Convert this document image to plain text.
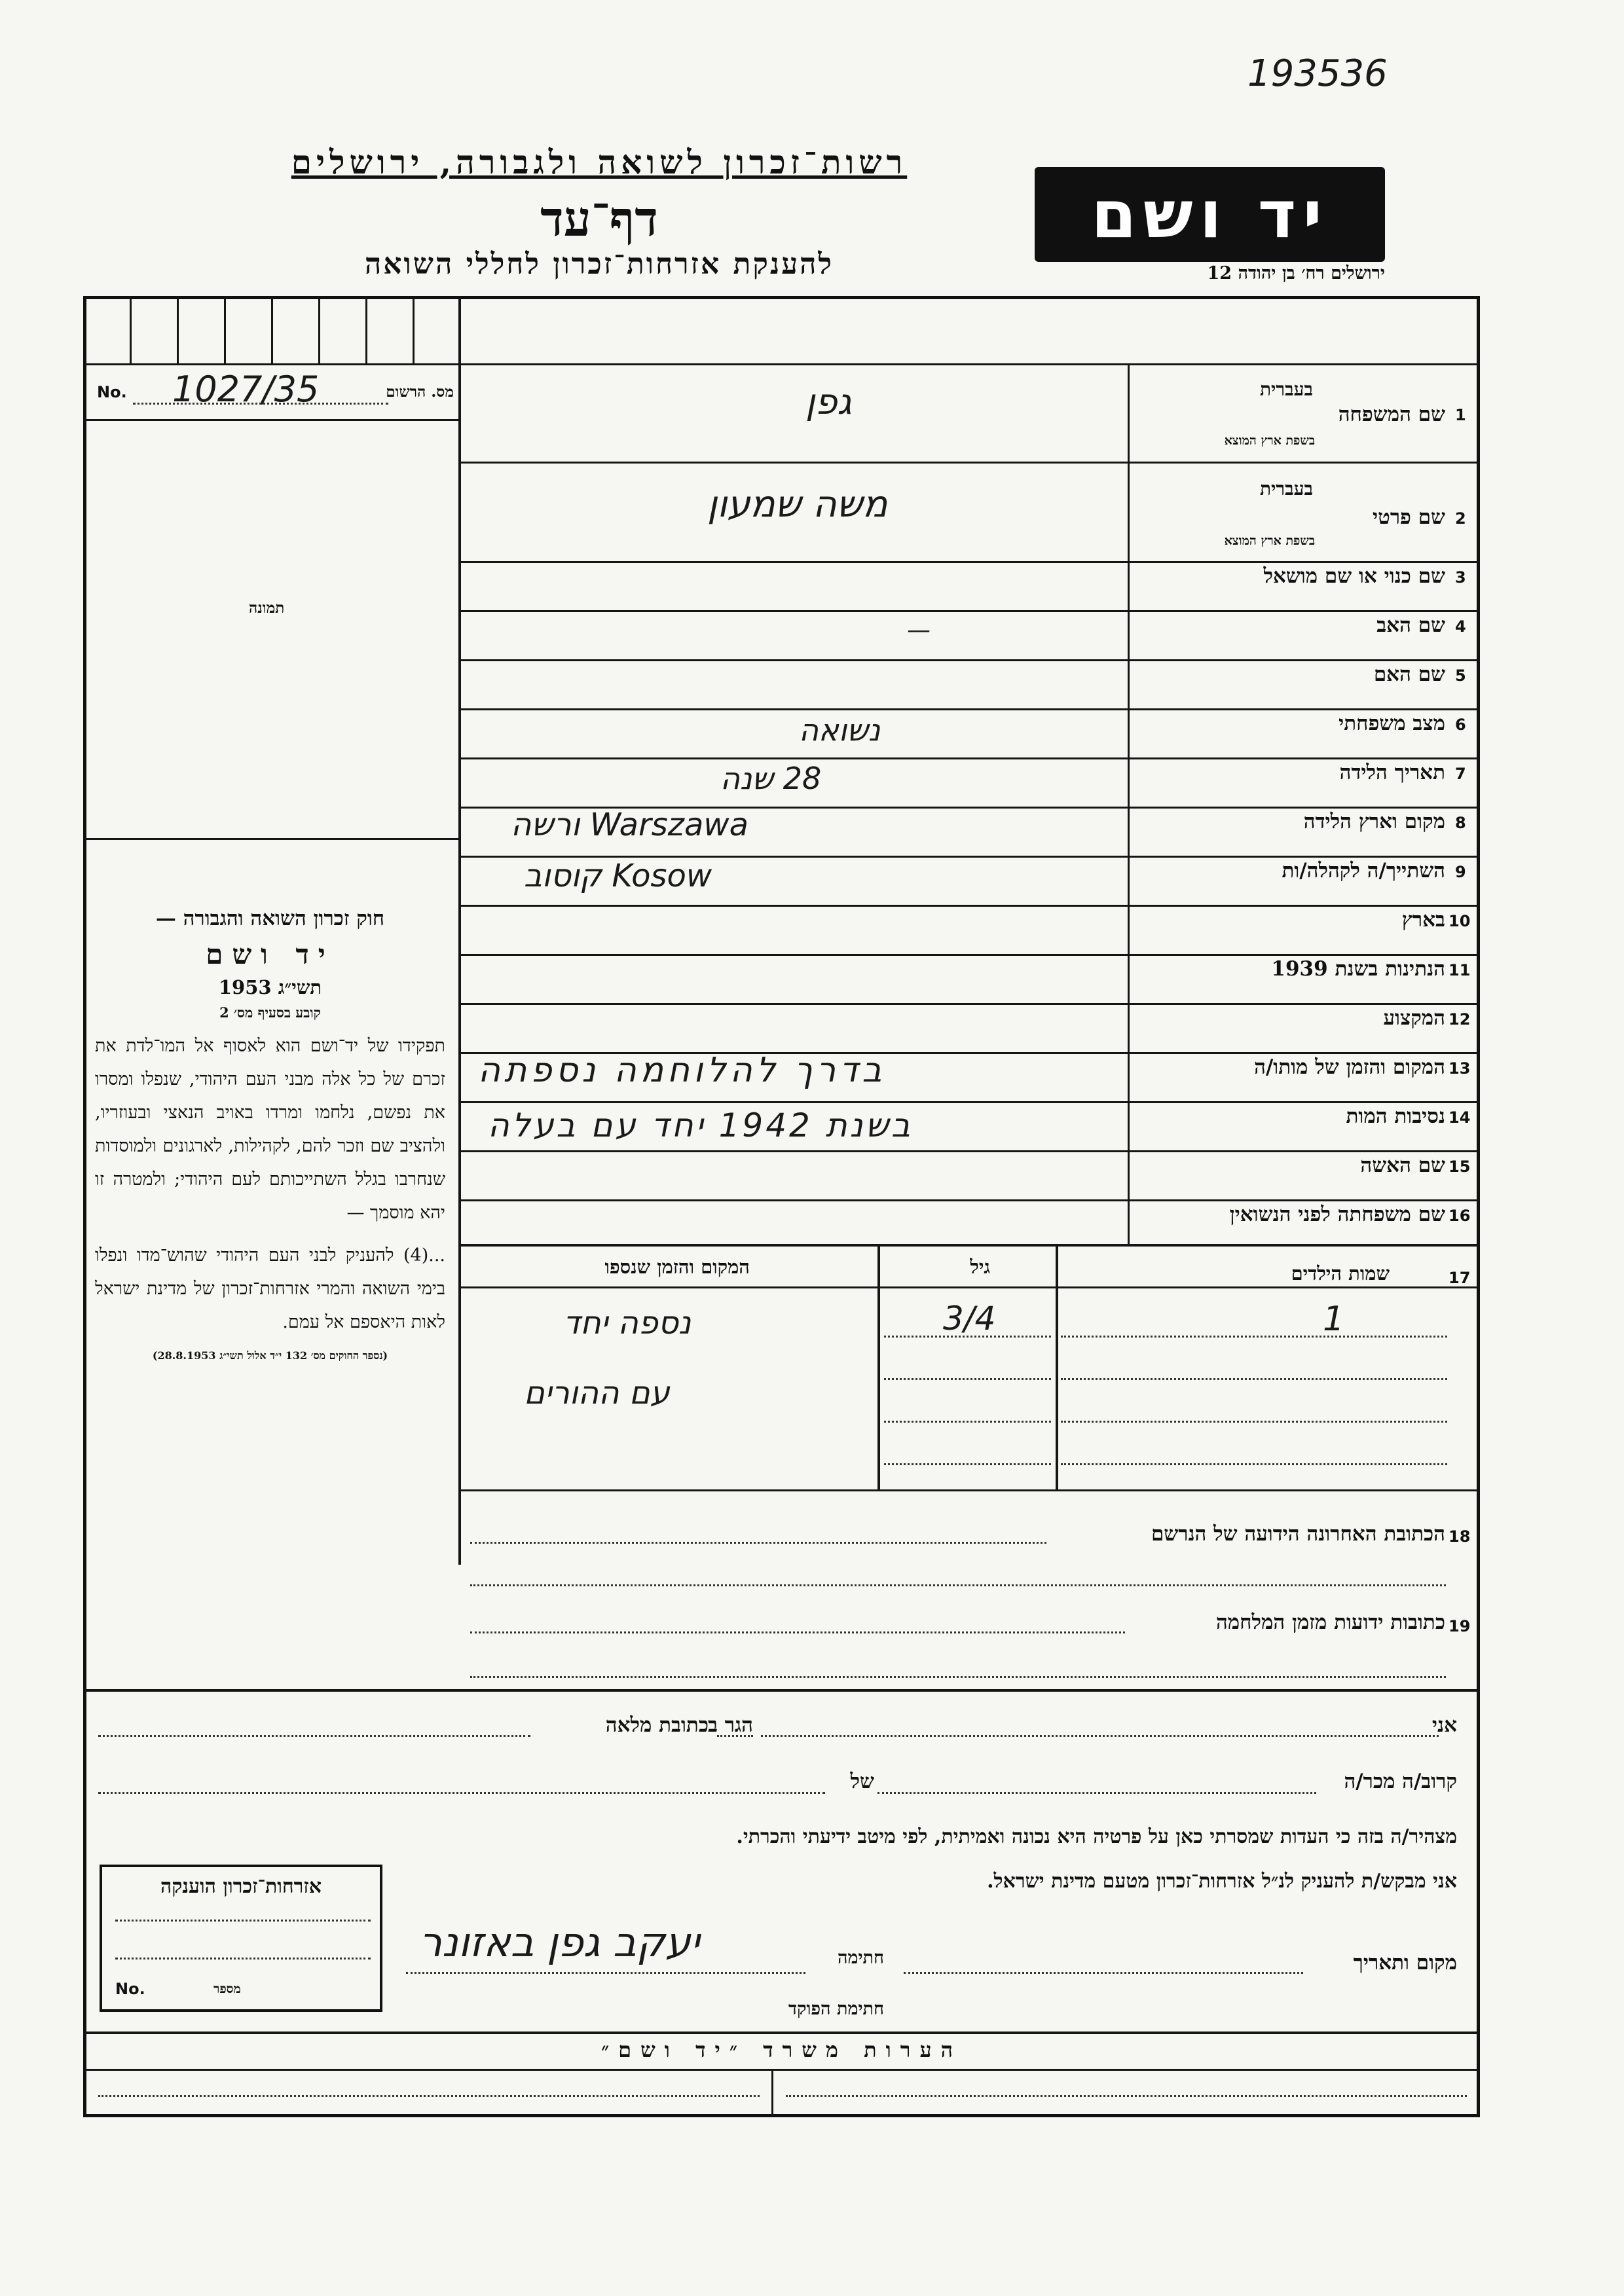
193536
רשות־זכרון לשואה ולגבורה, ירושלים
דף־עד
להענקת אזרחות־זכרון לחללי השואה
יד ושם
ירושלים רח׳ בן יהודה 12
No. 1027/35	מס. הרשום
תמונה
1
שם המשפחה
בעברית
בשפת ארץ המוצא
2
שם פרטי
בעברית
בשפת ארץ המוצא
3
שם כנוי או שם מושאל
4
שם האב
5
שם האם
6
מצב משפחתי
7
תאריך הלידה
8
מקום וארץ הלידה
9
השתייך/ה לקהלה/ות
10
בארץ
11
הנתינות בשנת 1939
12
המקצוע
13
המקום והזמן של מותו/ה
14
נסיבות המות
15
שם האשה
16
שם משפחתה לפני הנשואין
גפן
משה שמעון
—
נשואה
28 שנה
ורשה Warszawa
קוסוב Kosow
בדרך להלוחמה נספתה
בשנת 1942 יחד עם בעלה
17
שמות הילדים
גיל
המקום והזמן שנספו
1
3/4
נספה יחד
עם ההורים
18
הכתובת האחרונה הידועה של הנרשם
19
כתובות ידועות מזמן המלחמה
חוק זכרון השואה והגבורה —
יד ושם
תשי״ג 1953
קובע בסעיף מס׳ 2
תפקידו של יד־ושם הוא לאסוף אל המו־לדת את זכרם של כל אלה מבני העם היהודי, שנפלו ומסרו את נפשם, נלחמו ומרדו באויב הנאצי ובעוזריו, ולהציב שם וזכר להם, לקהילות, לארגונים ולמוסדות שנחרבו בגלל השתייכותם לעם היהודי; ולמטרה זו יהא מוסמך —
...(4) להעניק לבני העם היהודי שהוש־מדו ונפלו בימי השואה והמרי אזרחות־זכרון של מדינת ישראל לאות היאספם אל עמם.
(נספר החוקים מס׳ 132 י״ד אלול תשי״ג 28.8.1953)
אני
הגר ב
כתובת מלאה
קרוב/ה מכר/ה
של
מצהיר/ה בזה כי העדות שמסרתי כאן על פרטיה היא נכונה ואמיתית, לפי מיטב ידיעתי והכרתי.
אני מבקש/ת להעניק לנ״ל אזרחות־זכרון מטעם מדינת ישראל.
מקום ותאריך
חתימה
יעקב גפן באזונר
חתימת הפוקד
אזרחות־זכרון הוענקה
No.	מספר
הערות משרד ״יד ושם״
